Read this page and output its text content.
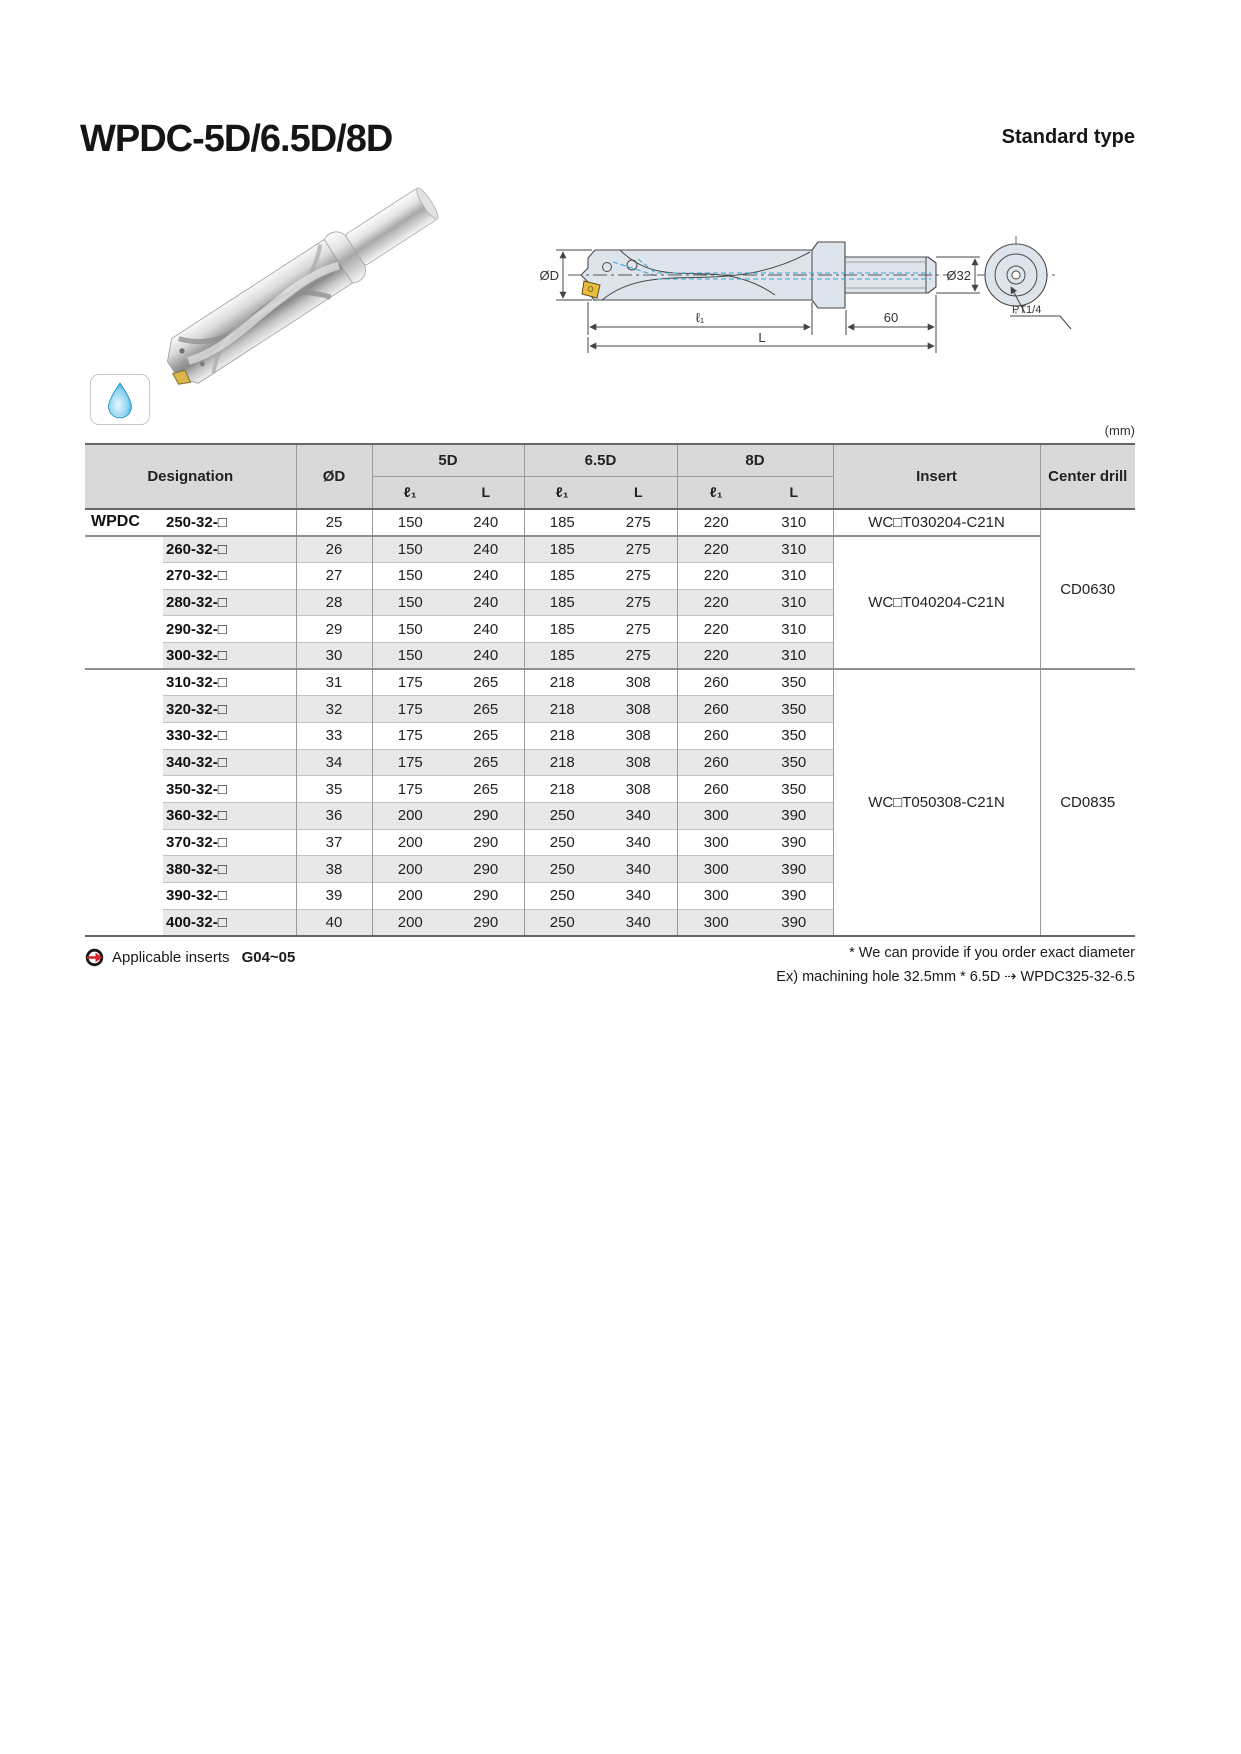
WPDC-5D/6.5D/8D	Standard type
ØD
ℓ₁	60
L
Ø32
PT1/4
(mm)
Designation		ØD	5D		6.5D		8D		Insert	Center drill
			ℓ₁	L	ℓ₁	L	ℓ₁	L		
WPDC	250-32-□	25	150	240	185	275	220	310	WC□T030204-C21N	CD0630
	260-32-□	26	150	240	185	275	220	310	WC□T040204-C21N	
	270-32-□	27	150	240	185	275	220	310		
	280-32-□	28	150	240	185	275	220	310		
	290-32-□	29	150	240	185	275	220	310		
	300-32-□	30	150	240	185	275	220	310		
	310-32-□	31	175	265	218	308	260	350	WC□T050308-C21N	CD0835
	320-32-□	32	175	265	218	308	260	350		
	330-32-□	33	175	265	218	308	260	350		
	340-32-□	34	175	265	218	308	260	350		
	350-32-□	35	175	265	218	308	260	350		
	360-32-□	36	200	290	250	340	300	390		
	370-32-□	37	200	290	250	340	300	390		
	380-32-□	38	200	290	250	340	300	390		
	390-32-□	39	200	290	250	340	300	390		
	400-32-□	40	200	290	250	340	300	390		
Applicable inserts G04~05	* We can provide if you order exact diameter
Ex) machining hole 32.5mm * 6.5D ⇢ WPDC325-32-6.5
